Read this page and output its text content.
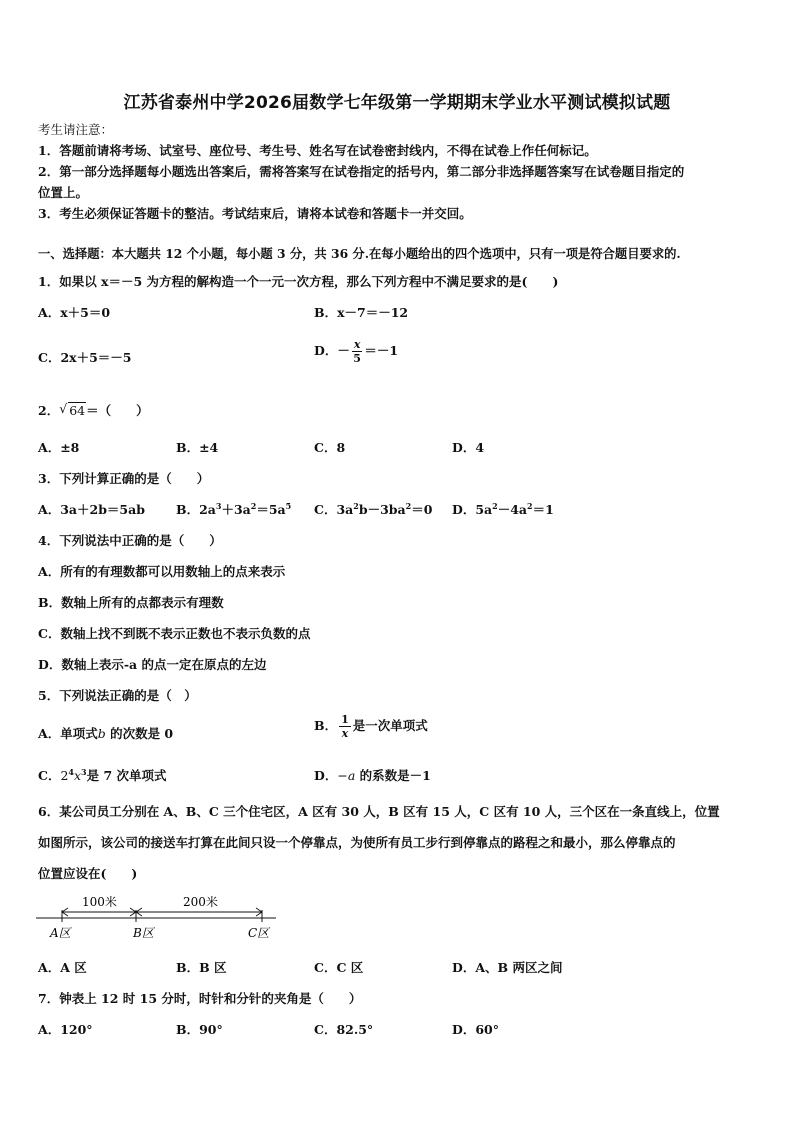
江苏省泰州中学2026届数学七年级第一学期期末学业水平测试模拟试题
考生请注意：
1．答题前请将考场、试室号、座位号、考生号、姓名写在试卷密封线内，不得在试卷上作任何标记。
2．第一部分选择题每小题选出答案后，需将答案写在试卷指定的括号内，第二部分非选择题答案写在试卷题目指定的
位置上。
3．考生必须保证答题卡的整洁。考试结束后，请将本试卷和答题卡一并交回。
一、选择题：本大题共 12 个小题，每小题 3 分，共 36 分.在每小题给出的四个选项中，只有一项是符合题目要求的.
1．如果以 x＝－5 为方程的解构造一个一元一次方程，那么下列方程中不满足要求的是(　　)
A．x＋5＝0	B．x－7＝－12
C．2x＋5＝－5	D．－ $\frac{x}{5} =-1$
2． √ 64＝（　　）
A．±8	B．±4	C．8	D．4
3．下列计算正确的是（　　）
A．3a＋2b＝5ab B．$2a^3+3a^2=5a^5$ C．$3a^2b-3ba^2=0$ D．$5a^2-4a^2=1$
4．下列说法中正确的是（　　）
A．所有的有理数都可以用数轴上的点来表示
B．数轴上所有的点都表示有理数
C．数轴上找不到既不表示正数也不表示负数的点
D．数轴上表示-a 的点一定在原点的左边
5．下列说法正确的是（　）
A．单项式b 的次数是 0
B． $\frac{1}{x}$ 是一次单项式
C．$2^4x^3$是 7 次单项式	D．−a 的系数是－1
6．某公司员工分别在 A、B、C 三个住宅区，A 区有 30 人，B 区有 15 人，C 区有 10 人，三个区在一条直线上，位置
如图所示，该公司的接送车打算在此间只设一个停靠点，为使所有员工步行到停靠点的路程之和最小，那么停靠点的
位置应设在(　　)
100米	200米
A区	B区	C区
A．A 区	B．B 区	C．C 区	D．A、B 两区之间
7．钟表上 12 时 15 分时，时针和分针的夹角是（　　）
A．120°	B．90°	C．82.5°	D．60°
